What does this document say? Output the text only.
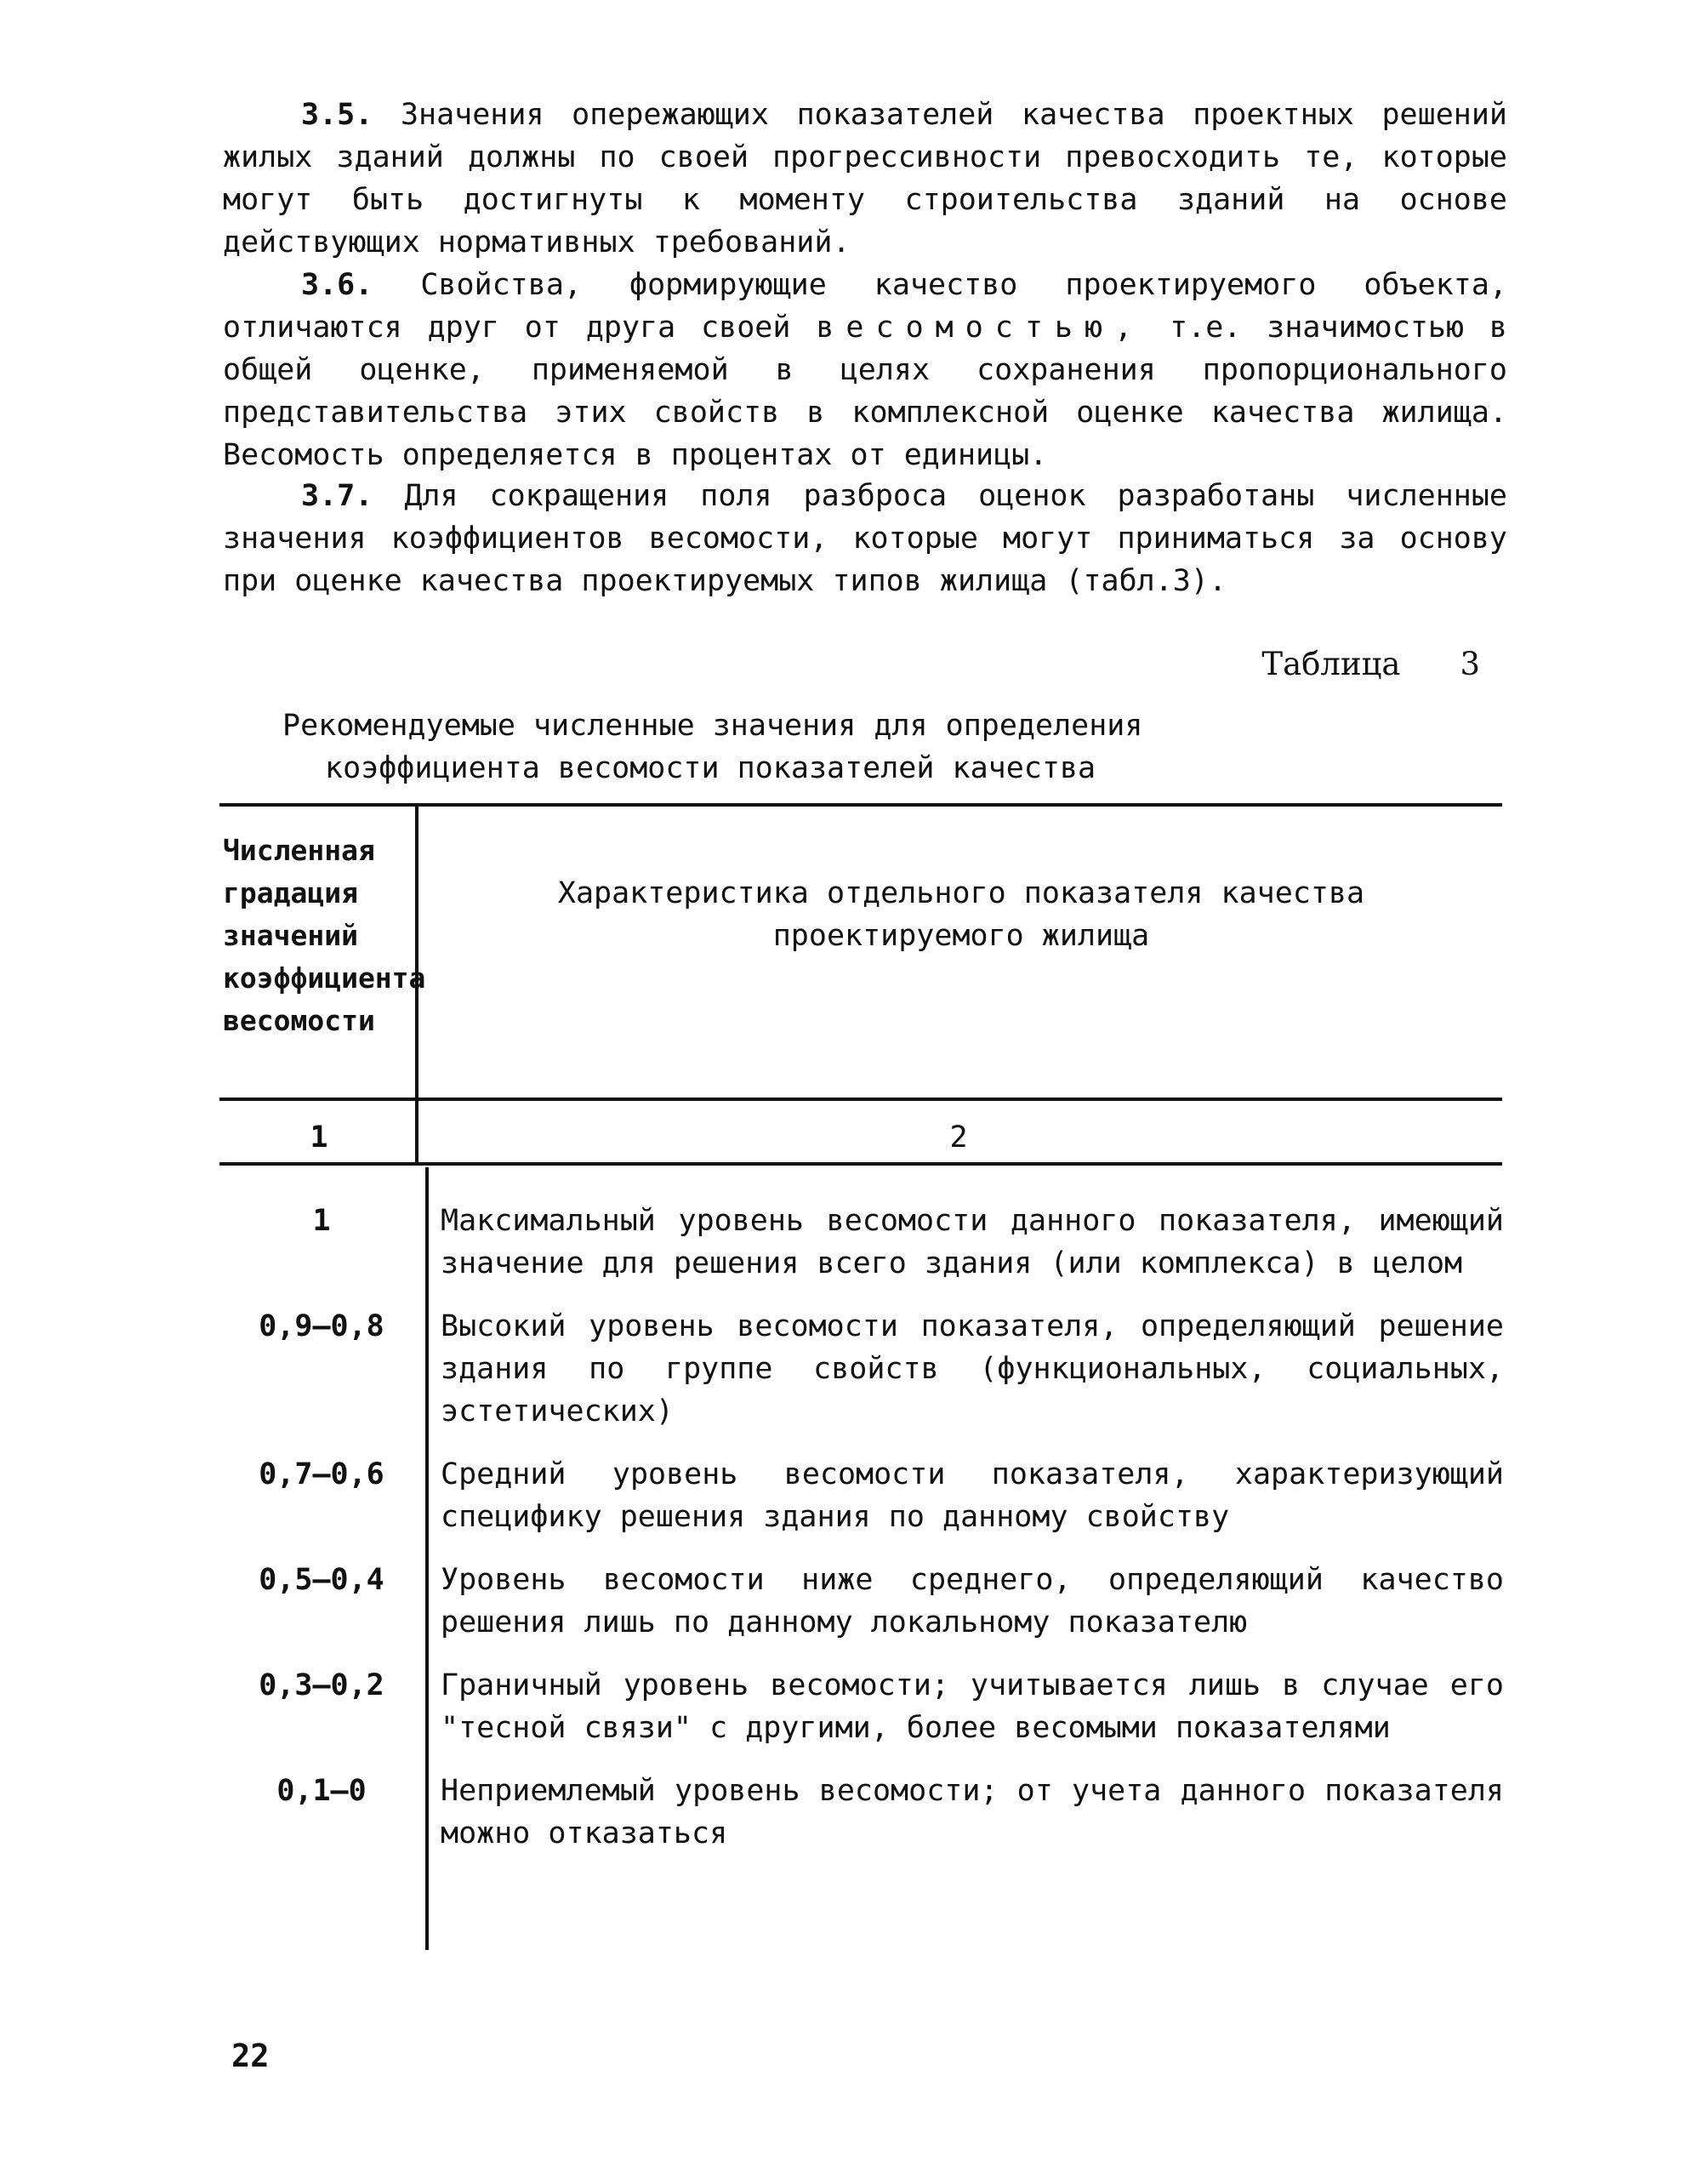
3.5. Значения опережающих показателей качества проектных решений жилых зданий должны по своей прогрессивности превосходить те, которые могут быть достигнуты к моменту строительства зданий на основе действующих нормативных требований.
3.6. Свойства, формирующие качество проектируемого объекта, отличаются друг от друга своей весомостью, т.е. значимостью в общей оценке, применяемой в целях сохранения пропорционального представительства этих свойств в комплексной оценке качества жилища. Весомость определяется в процентах от единицы.
3.7. Для сокращения поля разброса оценок разработаны численные значения коэффициентов весомости, которые могут приниматься за основу при оценке качества проектируемых типов жилища (табл.3).
Таблица 3
Рекомендуемые численные значения для определения
коэффициента весомости показателей качества
Численная градация значений коэффициента весомости
Характеристика отдельного показателя качества проектируемого жилища
1	2
1	Максимальный уровень весомости данного показателя, имеющий значение для решения всего здания (или комплекса) в целом
0,9–0,8	Высокий уровень весомости показателя, определяющий решение здания по группе свойств (функциональных, социальных, эстетических)
0,7–0,6	Средний уровень весомости показателя, характеризующий специфику решения здания по данному свойству
0,5–0,4	Уровень весомости ниже среднего, определяющий качество решения лишь по данному локальному показателю
0,3–0,2	Граничный уровень весомости; учитывается лишь в случае его "тесной связи" с другими, более весомыми показателями
0,1–0	Неприемлемый уровень весомости; от учета данного показателя можно отказаться
22
